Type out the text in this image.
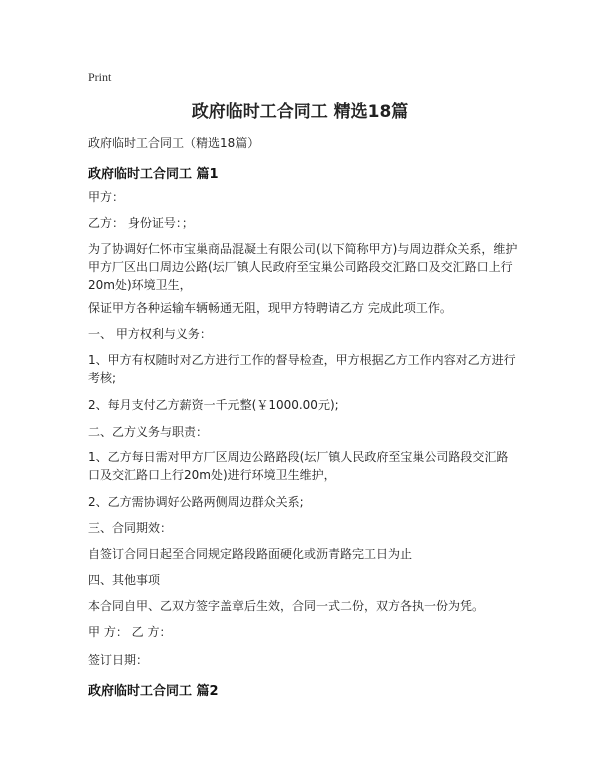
Print
政府临时工合同工 精选18篇

政府临时工合同工（精选18篇）

政府临时工合同工 篇1

甲方：

乙方： 身份证号：；

为了协调好仁怀市宝巢商品混凝土有限公司(以下简称甲方)与周边群众关系，维护甲方厂区出口周边公路(坛厂镇人民政府至宝巢公司路段交汇路口及交汇路口上行20m处)环境卫生，

保证甲方各种运输车辆畅通无阻，现甲方特聘请乙方 完成此项工作。

一、 甲方权利与义务：

1、甲方有权随时对乙方进行工作的督导检查，甲方根据乙方工作内容对乙方进行考核;

2、每月支付乙方薪资一千元整(￥1000.00元);

二、乙方义务与职责：

1、乙方每日需对甲方厂区周边公路路段(坛厂镇人民政府至宝巢公司路段交汇路口及交汇路口上行20m处)进行环境卫生维护，

2、乙方需协调好公路两侧周边群众关系;

三、合同期效：

自签订合同日起至合同规定路段路面硬化或沥青路完工日为止

四、其他事项

本合同自甲、乙双方签字盖章后生效，合同一式二份，双方各执一份为凭。

甲 方： 乙 方：

签订日期：

政府临时工合同工 篇2
